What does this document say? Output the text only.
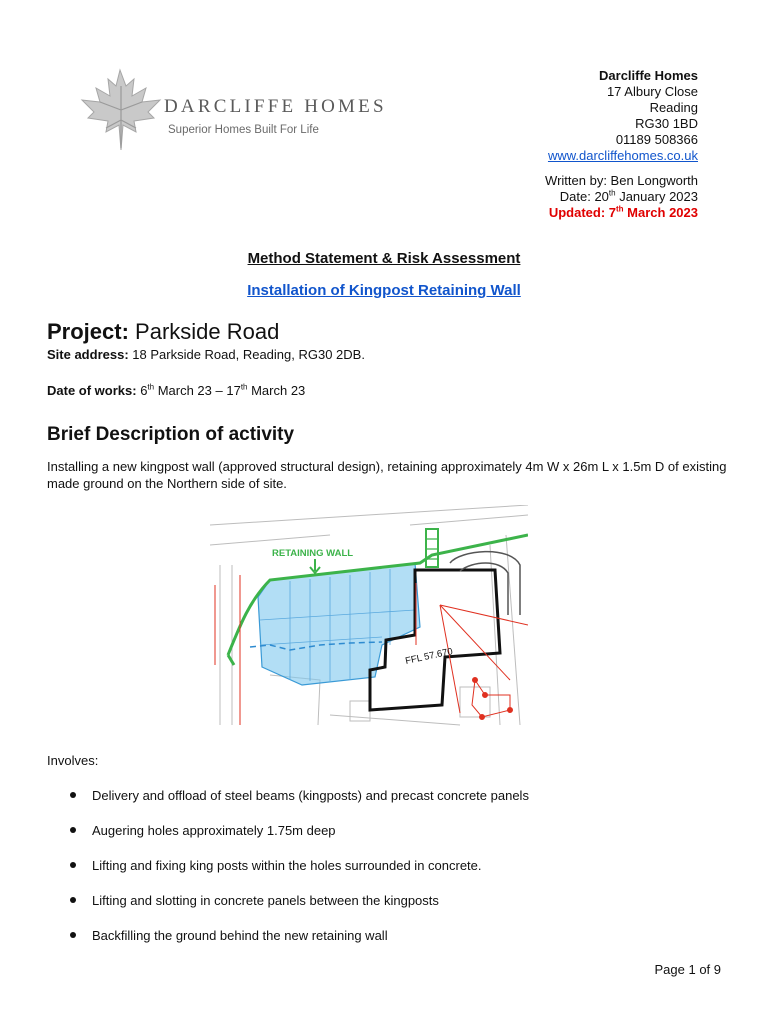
DARCLIFFE HOMES
Superior Homes Built For Life
Darcliffe Homes
17 Albury Close
Reading
RG30 1BD
01189 508366
www.darcliffehomes.co.uk
Written by: Ben Longworth
Date: 20th January 2023
Updated: 7th March 2023
Method Statement & Risk Assessment
Installation of Kingpost Retaining Wall
Project: Parkside Road
Site address: 18 Parkside Road, Reading, RG30 2DB.
Date of works: 6th March 23 – 17th March 23
Brief Description of activity
Installing a new kingpost wall (approved structural design), retaining approximately 4m W x 26m L x 1.5m D of existing made ground on the Northern side of site.
RETAINING WALL
FFL 57.670
Involves:
Delivery and offload of steel beams (kingposts) and precast concrete panels
Augering holes approximately 1.75m deep
Lifting and fixing king posts within the holes surrounded in concrete.
Lifting and slotting in concrete panels between the kingposts
Backfilling the ground behind the new retaining wall
Page 1 of 9
